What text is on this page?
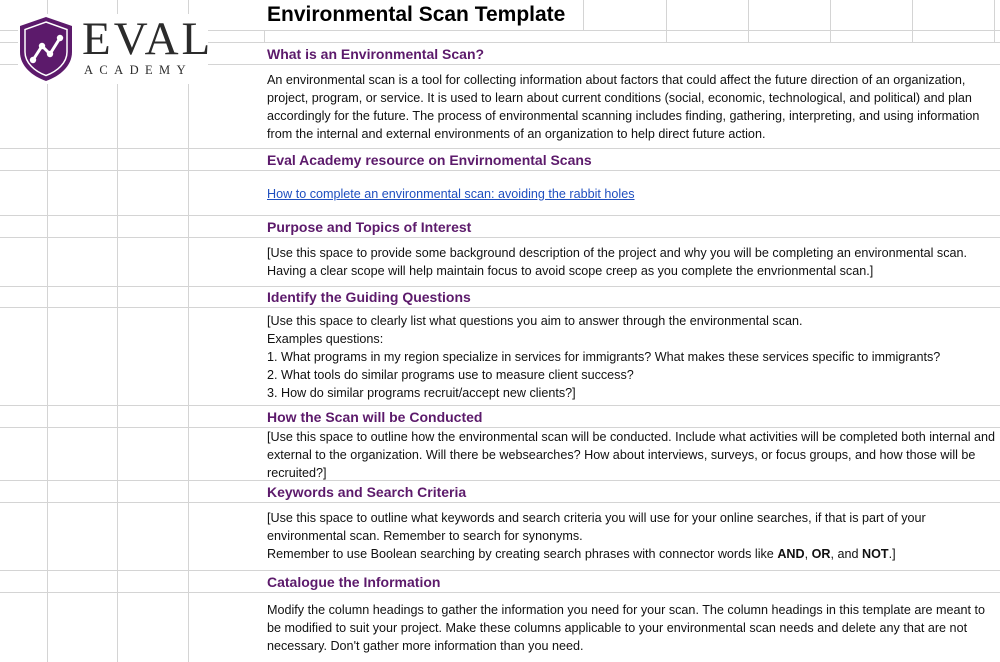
Environmental Scan Template
EVAL
ACADEMY
What is an Environmental Scan?
An environmental scan is a tool for collecting information about factors that could affect the future direction of an organization, project, program, or service. It is used to learn about current conditions (social, economic, technological, and political) and plan accordingly for the future. The process of environmental scanning includes finding, gathering, interpreting, and using information from the internal and external environments of an organization to help direct future action.
Eval Academy resource on Envirnomental Scans
How to complete an environmental scan: avoiding the rabbit holes
Purpose and Topics of Interest
[Use this space to provide some background description of the project and why you will be completing an environmental scan. Having a clear scope will help maintain focus to avoid scope creep as you complete the envrionmental scan.]
Identify the Guiding Questions

[Use this space to clearly list what questions you aim to answer through the environmental scan.

Examples questions:

1. What programs in my region specialize in services for immigrants? What makes these services specific to immigrants?

2. What tools do similar programs use to measure client success?

3. How do similar programs recruit/accept new clients?]

How the Scan will be Conducted
[Use this space to outline how the environmental scan will be conducted. Include what activities will be completed both internal and external to the organization. Will there be websearches? How about interviews, surveys, or focus groups, and how those will be recruited?]
Keywords and Search Criteria

[Use this space to outline what keywords and search criteria you will use for your online searches, if that is part of your environmental scan. Remember to search for synonyms.

Remember to use Boolean searching by creating search phrases with connector words like AND, OR, and NOT.]

Catalogue the Information
Modify the column headings to gather the information you need for your scan. The column headings in this template are meant to be modified to suit your project. Make these columns applicable to your environmental scan needs and delete any that are not necessary. Don't gather more information than you need.
